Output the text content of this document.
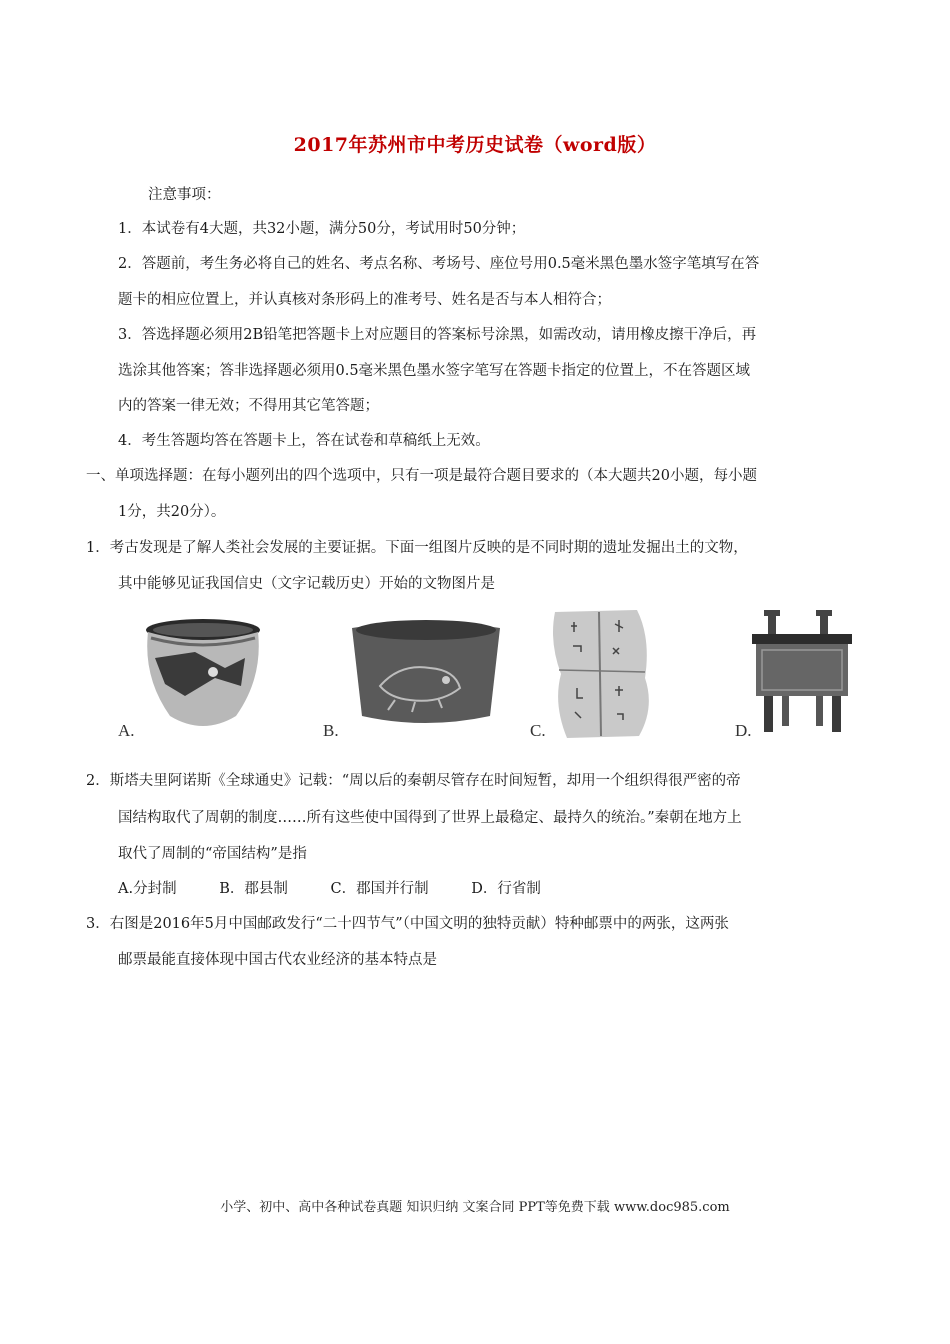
2017年苏州市中考历史试卷（word版）
注意事项：
1．本试卷有4大题，共32小题，满分50分，考试用时50分钟；
2．答题前，考生务必将自己的姓名、考点名称、考场号、座位号用0.5毫米黑色墨水签字笔填写在答
题卡的相应位置上，并认真核对条形码上的准考号、姓名是否与本人相符合；
3．答选择题必须用2B铅笔把答题卡上对应题目的答案标号涂黑，如需改动，请用橡皮擦干净后，再
选涂其他答案；答非选择题必须用0.5毫米黑色墨水签字笔写在答题卡指定的位置上，不在答题区域
内的答案一律无效；不得用其它笔答题；
4．考生答题均答在答题卡上，答在试卷和草稿纸上无效。
一、单项选择题：在每小题列出的四个选项中，只有一项是最符合题目要求的（本大题共20小题，每小题
1分，共20分）。
1．考古发现是了解人类社会发展的主要证据。下面一组图片反映的是不同时期的遗址发掘出土的文物，
其中能够见证我国信史（文字记载历史）开始的文物图片是
A.	B.	C.	D.
2．斯塔夫里阿诺斯《全球通史》记载：“周以后的秦朝尽管存在时间短暂，却用一个组织得很严密的帝
国结构取代了周朝的制度……所有这些使中国得到了世界上最稳定、最持久的统治。”秦朝在地方上
取代了周制的“帝国结构”是指
A.分封制	B．郡县制	C．郡国并行制	D．行省制
3．右图是2016年5月中国邮政发行“二十四节气”（中国文明的独特贡献）特种邮票中的两张，这两张
邮票最能直接体现中国古代农业经济的基本特点是
小学、初中、高中各种试卷真题 知识归纳 文案合同 PPT等免费下载 www.doc985.com
